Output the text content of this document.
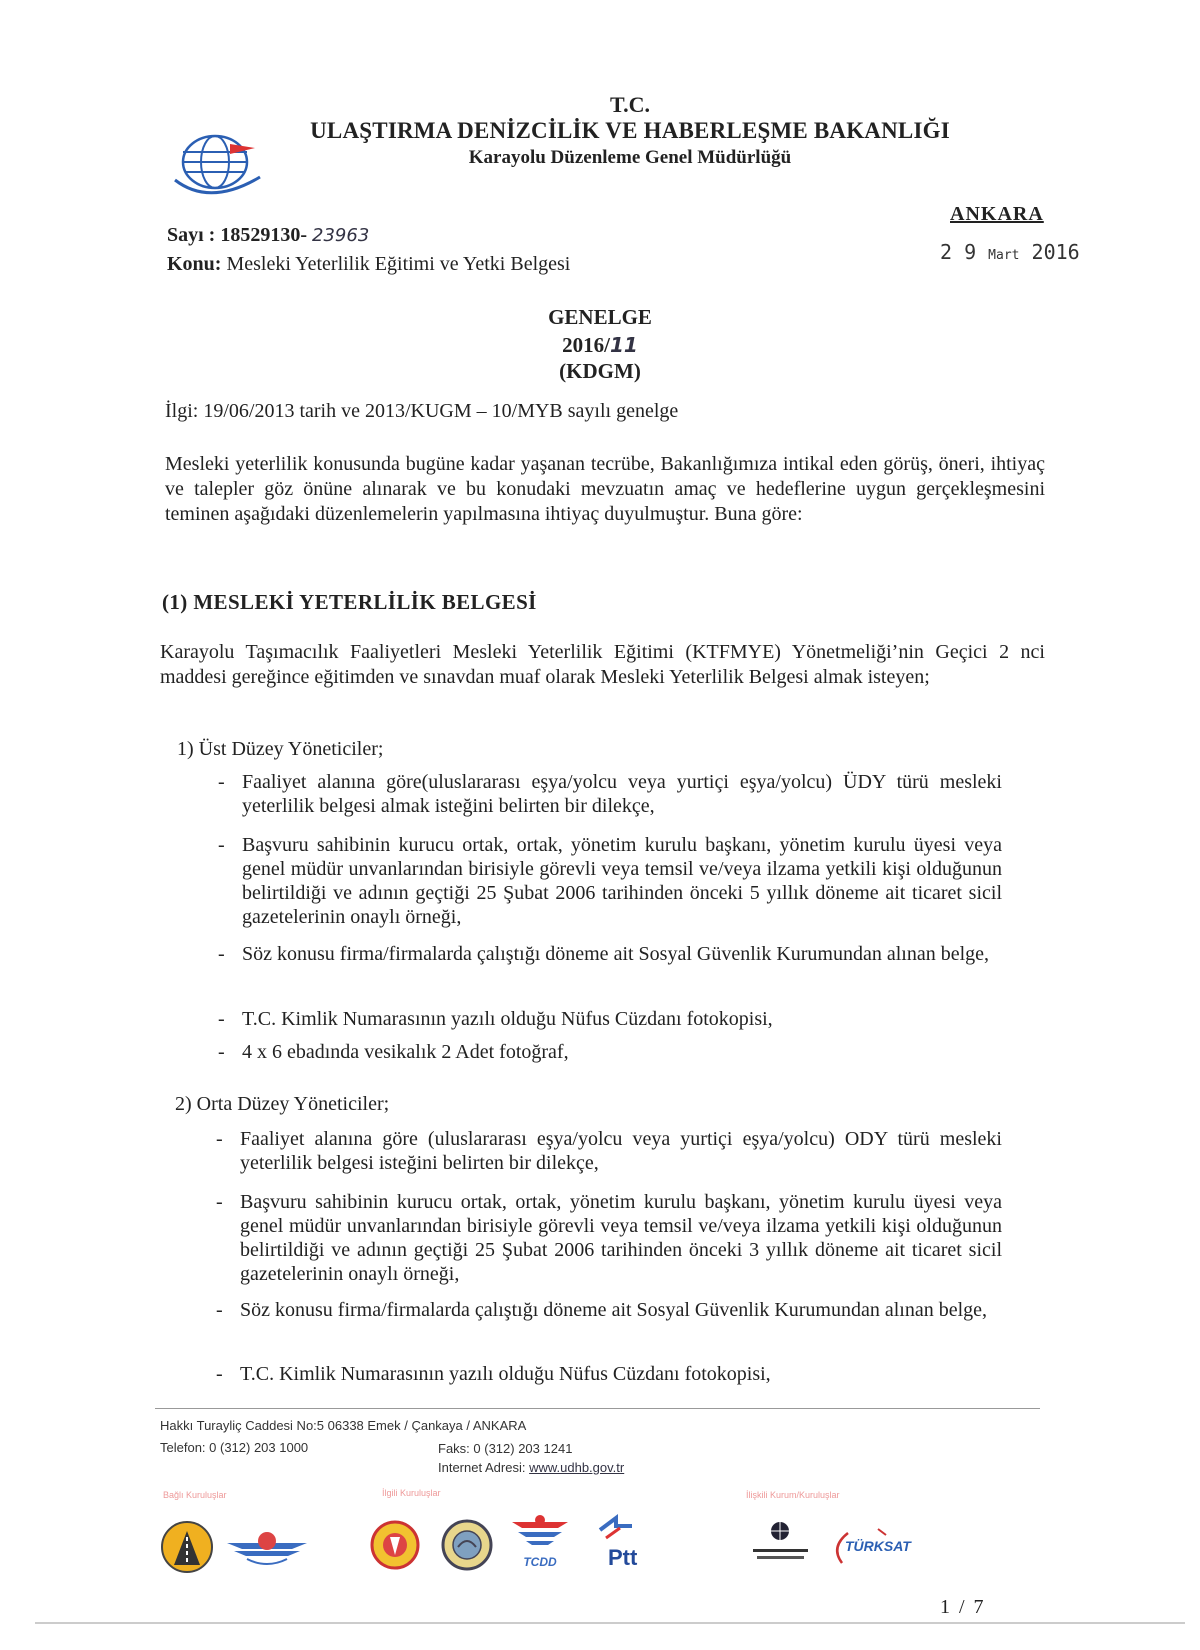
T.C.
ULAŞTIRMA DENİZCİLİK VE HABERLEŞME BAKANLIĞI
Karayolu Düzenleme Genel Müdürlüğü
Sayı : 18529130- 23963
Konu: Mesleki Yeterlilik Eğitimi ve Yetki Belgesi
ANKARA
2 9 Mart 2016
GENELGE
2016/11
(KDGM)
İlgi: 19/06/2013 tarih ve 2013/KUGM – 10/MYB sayılı genelge
Mesleki yeterlilik konusunda bugüne kadar yaşanan tecrübe, Bakanlığımıza intikal eden görüş, öneri, ihtiyaç ve talepler göz önüne alınarak ve bu konudaki mevzuatın amaç ve hedeflerine uygun gerçekleşmesini teminen aşağıdaki düzenlemelerin yapılmasına ihtiyaç duyulmuştur. Buna göre:
(1) MESLEKİ YETERLİLİK BELGESİ
Karayolu Taşımacılık Faaliyetleri Mesleki Yeterlilik Eğitimi (KTFMYE) Yönetmeliği’nin Geçici 2 nci maddesi gereğince eğitimden ve sınavdan muaf olarak Mesleki Yeterlilik Belgesi almak isteyen;
1) Üst Düzey Yöneticiler;
- Faaliyet alanına göre(uluslararası eşya/yolcu veya yurtiçi eşya/yolcu) ÜDY türü mesleki yeterlilik belgesi almak isteğini belirten bir dilekçe,
- Başvuru sahibinin kurucu ortak, ortak, yönetim kurulu başkanı, yönetim kurulu üyesi veya genel müdür unvanlarından birisiyle görevli veya temsil ve/veya ilzama yetkili kişi olduğunun belirtildiği ve adının geçtiği 25 Şubat 2006 tarihinden önceki 5 yıllık döneme ait ticaret sicil gazetelerinin onaylı örneği,
- Söz konusu firma/firmalarda çalıştığı döneme ait Sosyal Güvenlik Kurumundan alınan belge,
- T.C. Kimlik Numarasının yazılı olduğu Nüfus Cüzdanı fotokopisi,
- 4 x 6 ebadında vesikalık 2 Adet fotoğraf,
2) Orta Düzey Yöneticiler;
- Faaliyet alanına göre (uluslararası eşya/yolcu veya yurtiçi eşya/yolcu) ODY türü mesleki yeterlilik belgesi isteğini belirten bir dilekçe,
- Başvuru sahibinin kurucu ortak, ortak, yönetim kurulu başkanı, yönetim kurulu üyesi veya genel müdür unvanlarından birisiyle görevli veya temsil ve/veya ilzama yetkili kişi olduğunun belirtildiği ve adının geçtiği 25 Şubat 2006 tarihinden önceki 3 yıllık döneme ait ticaret sicil gazetelerinin onaylı örneği,
- Söz konusu firma/firmalarda çalıştığı döneme ait Sosyal Güvenlik Kurumundan alınan belge,
- T.C. Kimlik Numarasının yazılı olduğu Nüfus Cüzdanı fotokopisi,
Hakkı Turayliç Caddesi No:5 06338 Emek / Çankaya / ANKARA
Telefon: 0 (312) 203 1000	Faks: 0 (312) 203 1241
Internet Adresi: www.udhb.gov.tr
Bağlı Kuruluşlar	İlgili Kuruluşlar	İlişkili Kurum/Kuruluşlar
TCDD	Ptt	TÜRKSAT
1 / 7
